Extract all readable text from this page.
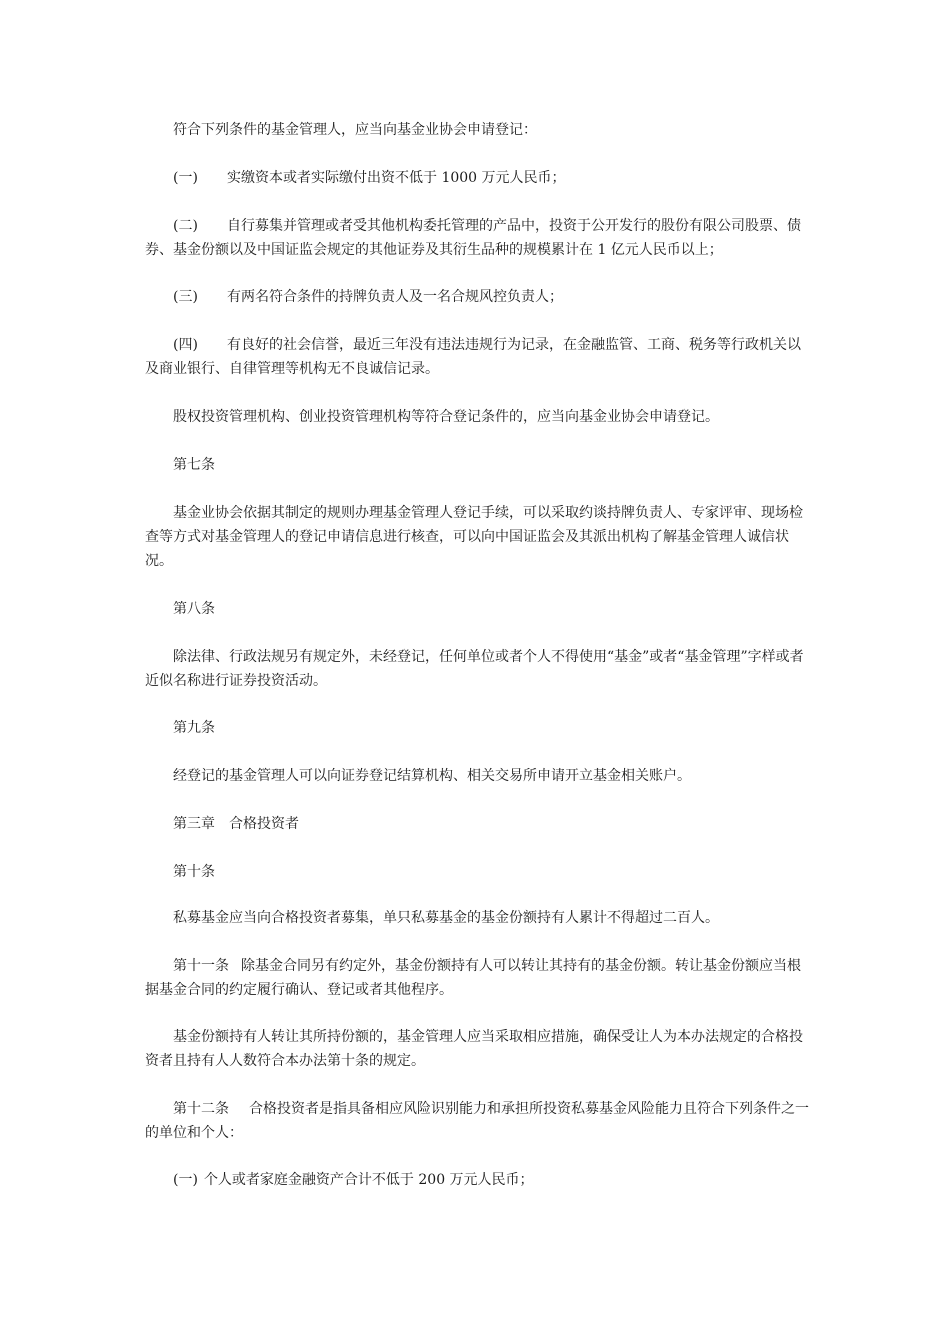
符合下列条件的基金管理人，应当向基金业协会申请登记：

(一) 实缴资本或者实际缴付出资不低于 1000 万元人民币；

(二) 自行募集并管理或者受其他机构委托管理的产品中，投资于公开发行的股份有限公司股票、债券、基金份额以及中国证监会规定的其他证券及其衍生品种的规模累计在 1 亿元人民币以上；

(三) 有两名符合条件的持牌负责人及一名合规风控负责人；

(四) 有良好的社会信誉，最近三年没有违法违规行为记录，在金融监管、工商、税务等行政机关以及商业银行、自律管理等机构无不良诚信记录。

股权投资管理机构、创业投资管理机构等符合登记条件的，应当向基金业协会申请登记。

第七条

基金业协会依据其制定的规则办理基金管理人登记手续，可以采取约谈持牌负责人、专家评审、现场检查等方式对基金管理人的登记申请信息进行核查，可以向中国证监会及其派出机构了解基金管理人诚信状况。

第八条

除法律、行政法规另有规定外，未经登记，任何单位或者个人不得使用“基金”或者“基金管理”字样或者近似名称进行证券投资活动。

第九条

经登记的基金管理人可以向证券登记结算机构、相关交易所申请开立基金相关账户。

第三章　合格投资者

第十条

私募基金应当向合格投资者募集，单只私募基金的基金份额持有人累计不得超过二百人。

第十一条 除基金合同另有约定外，基金份额持有人可以转让其持有的基金份额。转让基金份额应当根据基金合同的约定履行确认、登记或者其他程序。

基金份额持有人转让其所持份额的，基金管理人应当采取相应措施，确保受让人为本办法规定的合格投资者且持有人人数符合本办法第十条的规定。

第十二条 合格投资者是指具备相应风险识别能力和承担所投资私募基金风险能力且符合下列条件之一的单位和个人：

(一) 个人或者家庭金融资产合计不低于 200 万元人民币；
